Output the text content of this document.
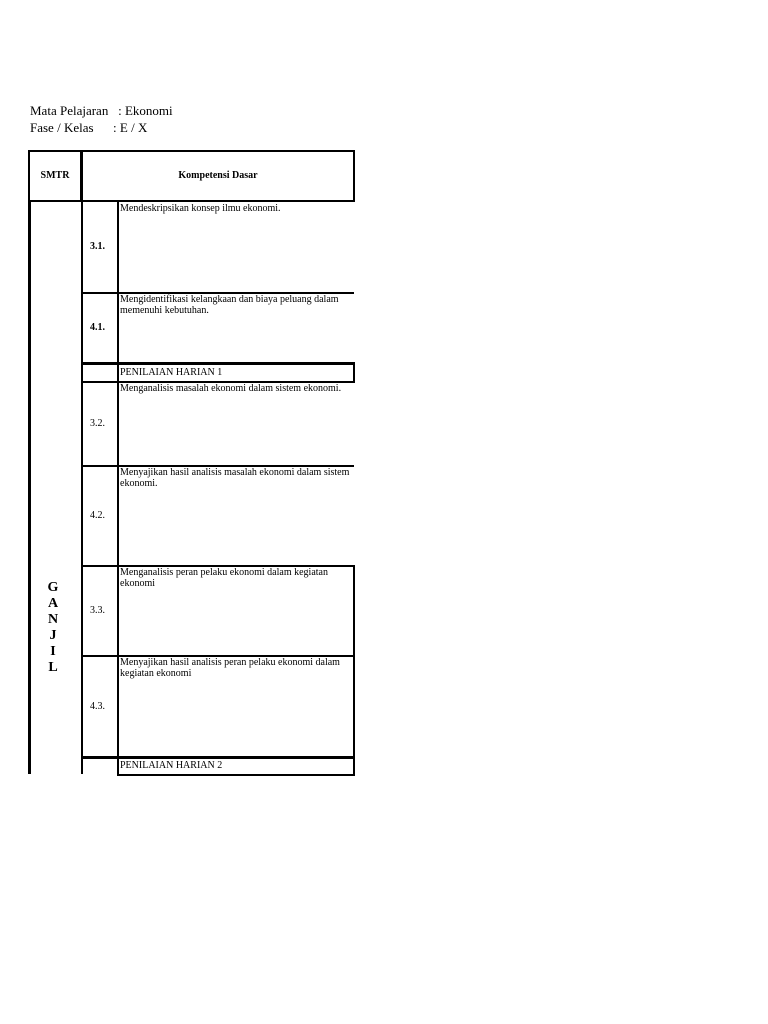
Mata Pelajaran : Ekonomi
Fase / Kelas : E / X
SMTR	Kompetensi Dasar
G
A
N
J
I
L
3.1.
Mendeskripsikan konsep ilmu ekonomi.
4.1.
Mengidentifikasi kelangkaan dan biaya peluang dalam memenuhi kebutuhan.
PENILAIAN HARIAN 1
3.2.
Menganalisis masalah ekonomi dalam sistem ekonomi.
4.2.
Menyajikan hasil analisis masalah ekonomi dalam sistem ekonomi.
3.3.
Menganalisis peran pelaku ekonomi dalam kegiatan ekonomi
4.3.
Menyajikan hasil analisis peran pelaku ekonomi dalam kegiatan ekonomi
PENILAIAN HARIAN 2
